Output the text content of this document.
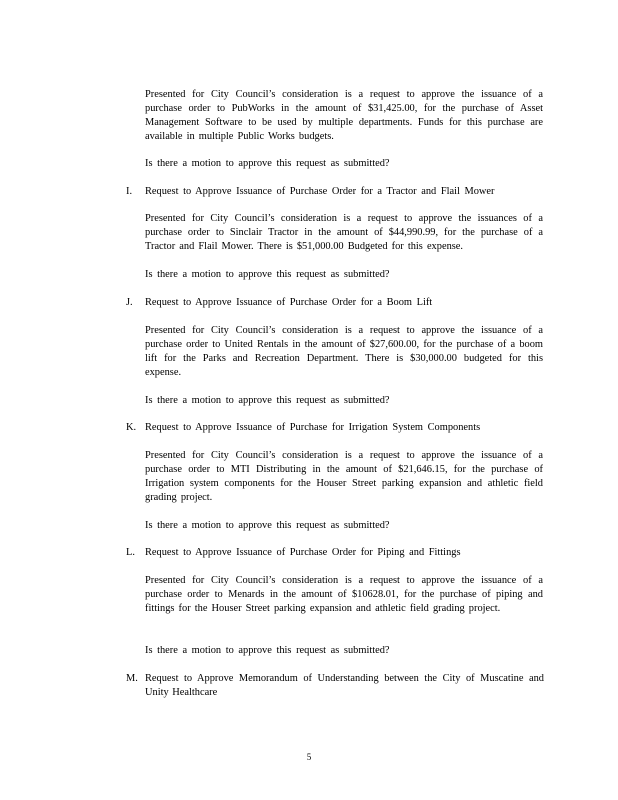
Presented for City Council’s consideration is a request to approve the issuance of a purchase order to PubWorks in the amount of $31,425.00, for the purchase of Asset Management Software to be used by multiple departments. Funds for this purchase are available in multiple Public Works budgets.
Is there a motion to approve this request as submitted?
I.	Request to Approve Issuance of Purchase Order for a Tractor and Flail Mower
Presented for City Council’s consideration is a request to approve the issuances of a purchase order to Sinclair Tractor in the amount of $44,990.99, for the purchase of a Tractor and Flail Mower. There is $51,000.00 Budgeted for this expense.
Is there a motion to approve this request as submitted?
J.	Request to Approve Issuance of Purchase Order for a Boom Lift
Presented for City Council’s consideration is a request to approve the issuance of a purchase order to United Rentals in the amount of $27,600.00, for the purchase of a boom lift for the Parks and Recreation Department. There is $30,000.00 budgeted for this expense.
Is there a motion to approve this request as submitted?
K. Request to Approve Issuance of Purchase for Irrigation System Components
Presented for City Council’s consideration is a request to approve the issuance of a purchase order to MTI Distributing in the amount of $21,646.15, for the purchase of Irrigation system components for the Houser Street parking expansion and athletic field grading project.
Is there a motion to approve this request as submitted?
L. Request to Approve Issuance of Purchase Order for Piping and Fittings
Presented for City Council’s consideration is a request to approve the issuance of a purchase order to Menards in the amount of $10628.01, for the purchase of piping and fittings for the Houser Street parking expansion and athletic field grading project.
Is there a motion to approve this request as submitted?
M. Request to Approve Memorandum of Understanding between the City of Muscatine and Unity Healthcare
5
